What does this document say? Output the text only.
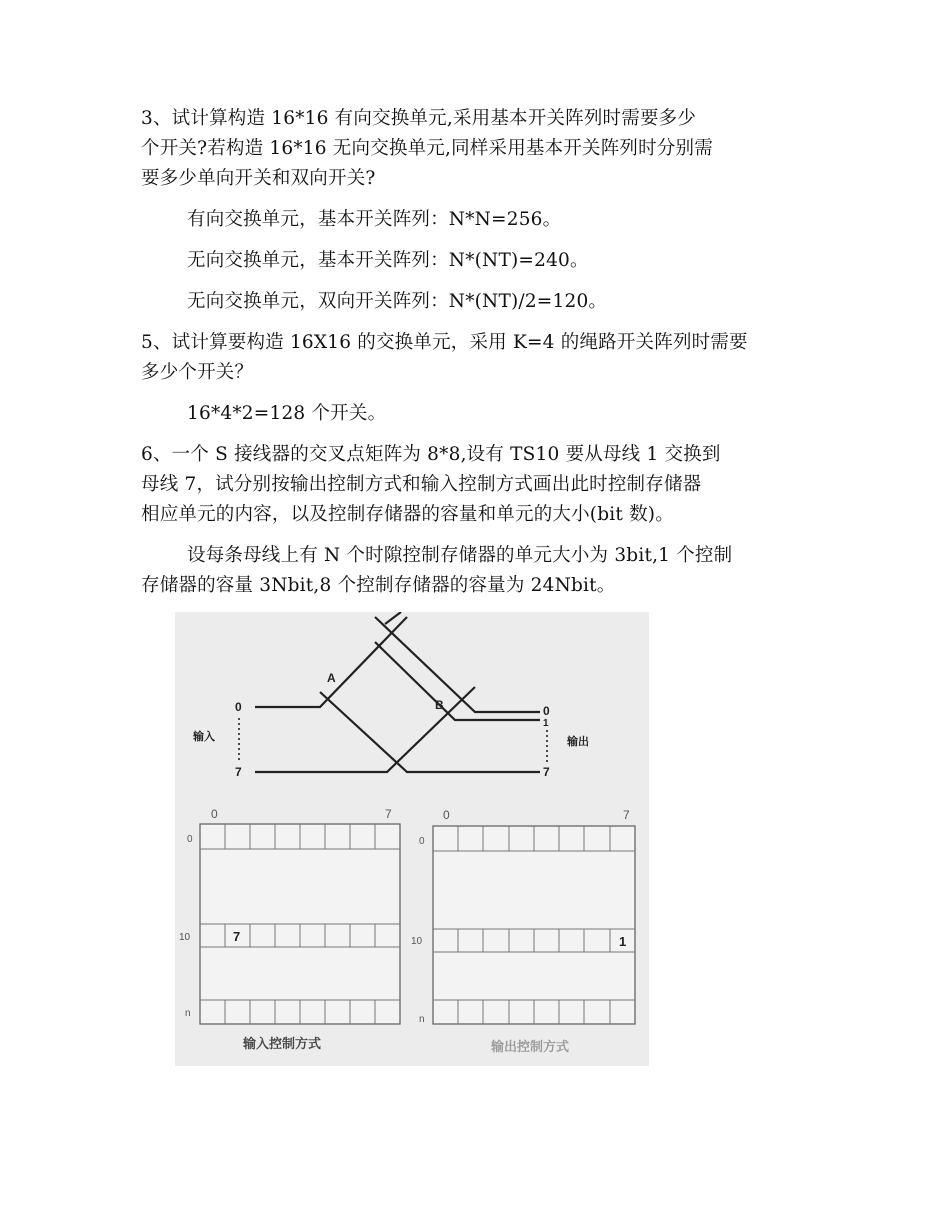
3、试计算构造 16*16 有向交换单元,采用基本开关阵列时需要多少
个开关?若构造 16*16 无向交换单元,同样采用基本开关阵列时分别需
要多少单向开关和双向开关?
有向交换单元，基本开关阵列：N*N=256。
无向交换单元，基本开关阵列：N*(NT)=240。
无向交换单元，双向开关阵列：N*(NT)/2=120。
5、试计算要构造 16X16 的交换单元，采用 K=4 的绳路开关阵列时需要
多少个开关？
16*4*2=128 个开关。
6、一个 S 接线器的交叉点矩阵为 8*8,设有 TS10 要从母线 1 交换到
母线 7，试分别按输出控制方式和输入控制方式画出此时控制存储器
相应单元的内容，以及控制存储器的容量和单元的大小(bit 数)。
设每条母线上有 N 个时隙控制存储器的单元大小为 3bit,1 个控制
存储器的容量 3Nbit,8 个控制存储器的容量为 24Nbit。
0
7
0
1
7
A
B
输入	输出
0	7
0
10
n
7
输入控制方式
0	7
0
10
n
1
输出控制方式
